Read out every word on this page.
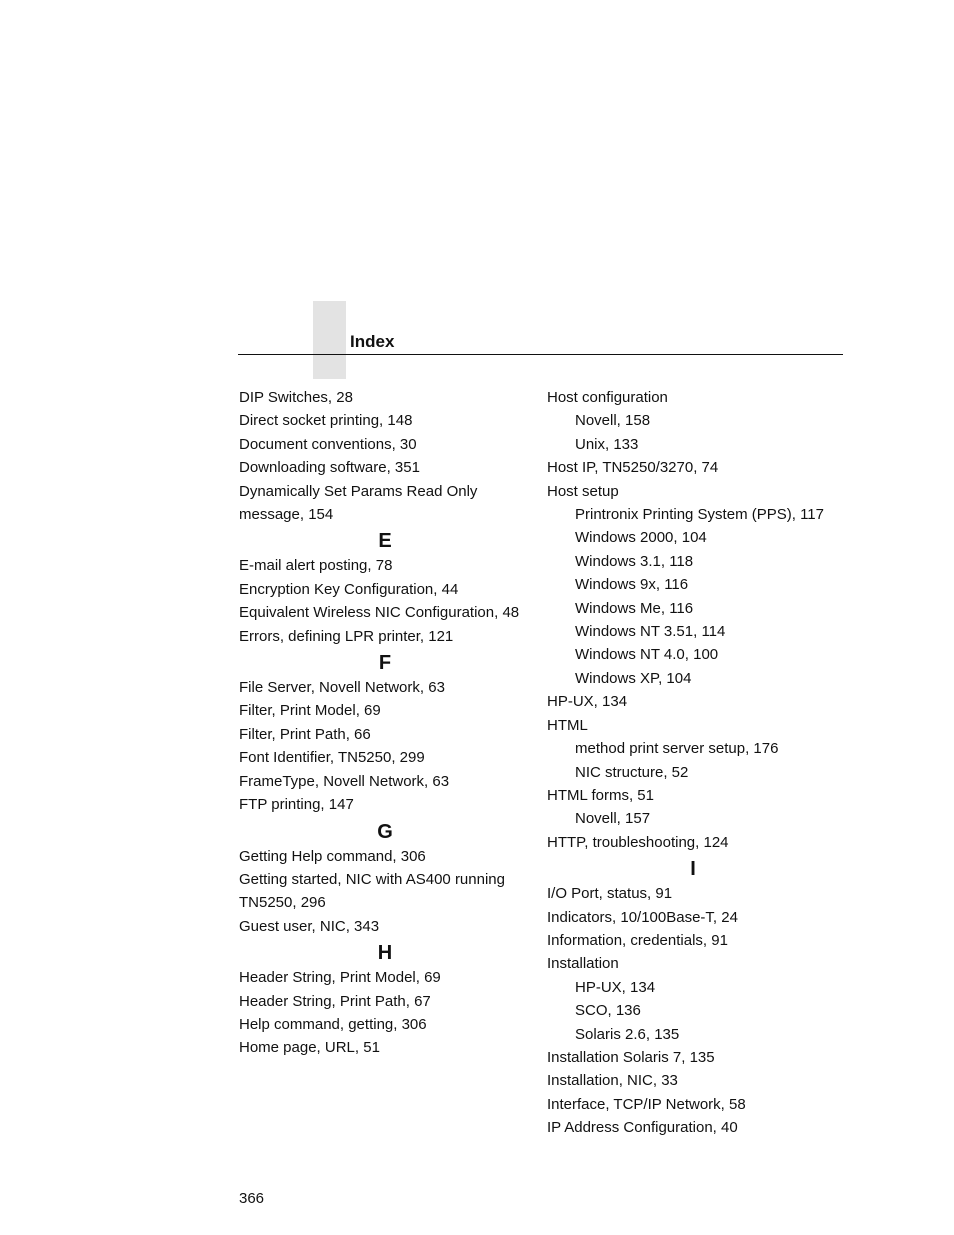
Index
DIP Switches, 28
Direct socket printing, 148
Document conventions, 30
Downloading software, 351
Dynamically Set Params Read Only
message, 154
E
E-mail alert posting, 78
Encryption Key Configuration, 44
Equivalent Wireless NIC Configuration, 48
Errors, defining LPR printer, 121
F
File Server, Novell Network, 63
Filter, Print Model, 69
Filter, Print Path, 66
Font Identifier, TN5250, 299
FrameType, Novell Network, 63
FTP printing, 147
G
Getting Help command, 306
Getting started, NIC with AS400 running
TN5250, 296
Guest user, NIC, 343
H
Header String, Print Model, 69
Header String, Print Path, 67
Help command, getting, 306
Home page, URL, 51
Host configuration
Novell, 158
Unix, 133
Host IP, TN5250/3270, 74
Host setup
Printronix Printing System (PPS), 117
Windows 2000, 104
Windows 3.1, 118
Windows 9x, 116
Windows Me, 116
Windows NT 3.51, 114
Windows NT 4.0, 100
Windows XP, 104
HP-UX, 134
HTML
method print server setup, 176
NIC structure, 52
HTML forms, 51
Novell, 157
HTTP, troubleshooting, 124
I
I/O Port, status, 91
Indicators, 10/100Base-T, 24
Information, credentials, 91
Installation
HP-UX, 134
SCO, 136
Solaris 2.6, 135
Installation Solaris 7, 135
Installation, NIC, 33
Interface, TCP/IP Network, 58
IP Address Configuration, 40
366
